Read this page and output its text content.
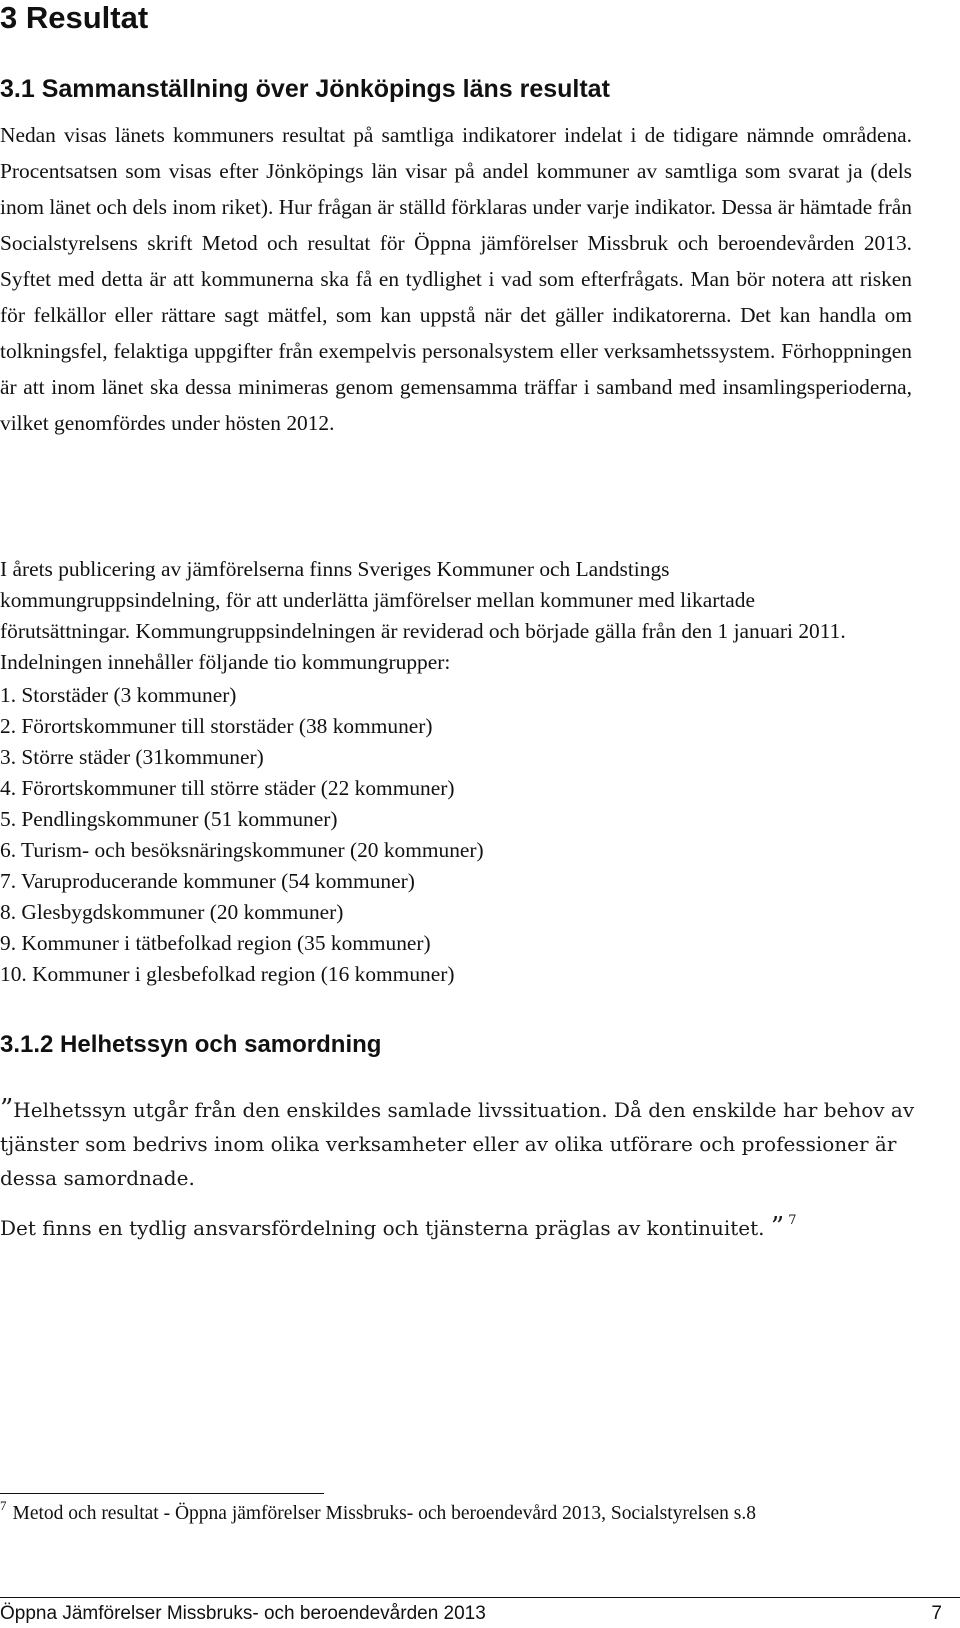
3 Resultat
3.1 Sammanställning över Jönköpings läns resultat

Nedan visas länets kommuners resultat på samtliga indikatorer indelat i de tidigare nämnde områdena. Procentsatsen som visas efter Jönköpings län visar på andel kommuner av samtliga som svarat ja (dels inom länet och dels inom riket). Hur frågan är ställd förklaras under varje indikator. Dessa är hämtade från Socialstyrelsens skrift Metod och resultat för Öppna jämförelser Missbruk och beroendevården 2013. Syftet med detta är att kommunerna ska få en tydlighet i vad som efterfrågats. Man bör notera att risken för felkällor eller rättare sagt mätfel, som kan uppstå när det gäller indikatorerna. Det kan handla om tolkningsfel, felaktiga uppgifter från exempelvis personalsystem eller verksamhetssystem. Förhoppningen är att inom länet ska dessa minimeras genom gemensamma träffar i samband med insamlingsperioderna, vilket genomfördes under hösten 2012.

I årets publicering av jämförelserna finns Sveriges Kommuner och Landstings kommungruppsindelning, för att underlätta jämförelser mellan kommuner med likartade förutsättningar. Kommungruppsindelningen är reviderad och började gälla från den 1 januari 2011. Indelningen innehåller följande tio kommungrupper:

1. Storstäder (3 kommuner)
2. Förortskommuner till storstäder (38 kommuner)
3. Större städer (31kommuner)
4. Förortskommuner till större städer (22 kommuner)
5. Pendlingskommuner (51 kommuner)
6. Turism- och besöksnäringskommuner (20 kommuner)
7. Varuproducerande kommuner (54 kommuner)
8. Glesbygdskommuner (20 kommuner)
9. Kommuner i tätbefolkad region (35 kommuner)
10. Kommuner i glesbefolkad region (16 kommuner)
3.1.2 Helhetssyn och samordning

”Helhetssyn utgår från den enskildes samlade livssituation. Då den enskilde har behov av tjänster som bedrivs inom olika verksamheter eller av olika utförare och professioner är dessa samordnade.

Det finns en tydlig ansvarsfördelning och tjänsterna präglas av kontinuitet. ” $^7$

$^7$ Metod och resultat - Öppna jämförelser Missbruks- och beroendevård 2013, Socialstyrelsen s.8

Öppna Jämförelser Missbruks- och beroendevården 2013	7
